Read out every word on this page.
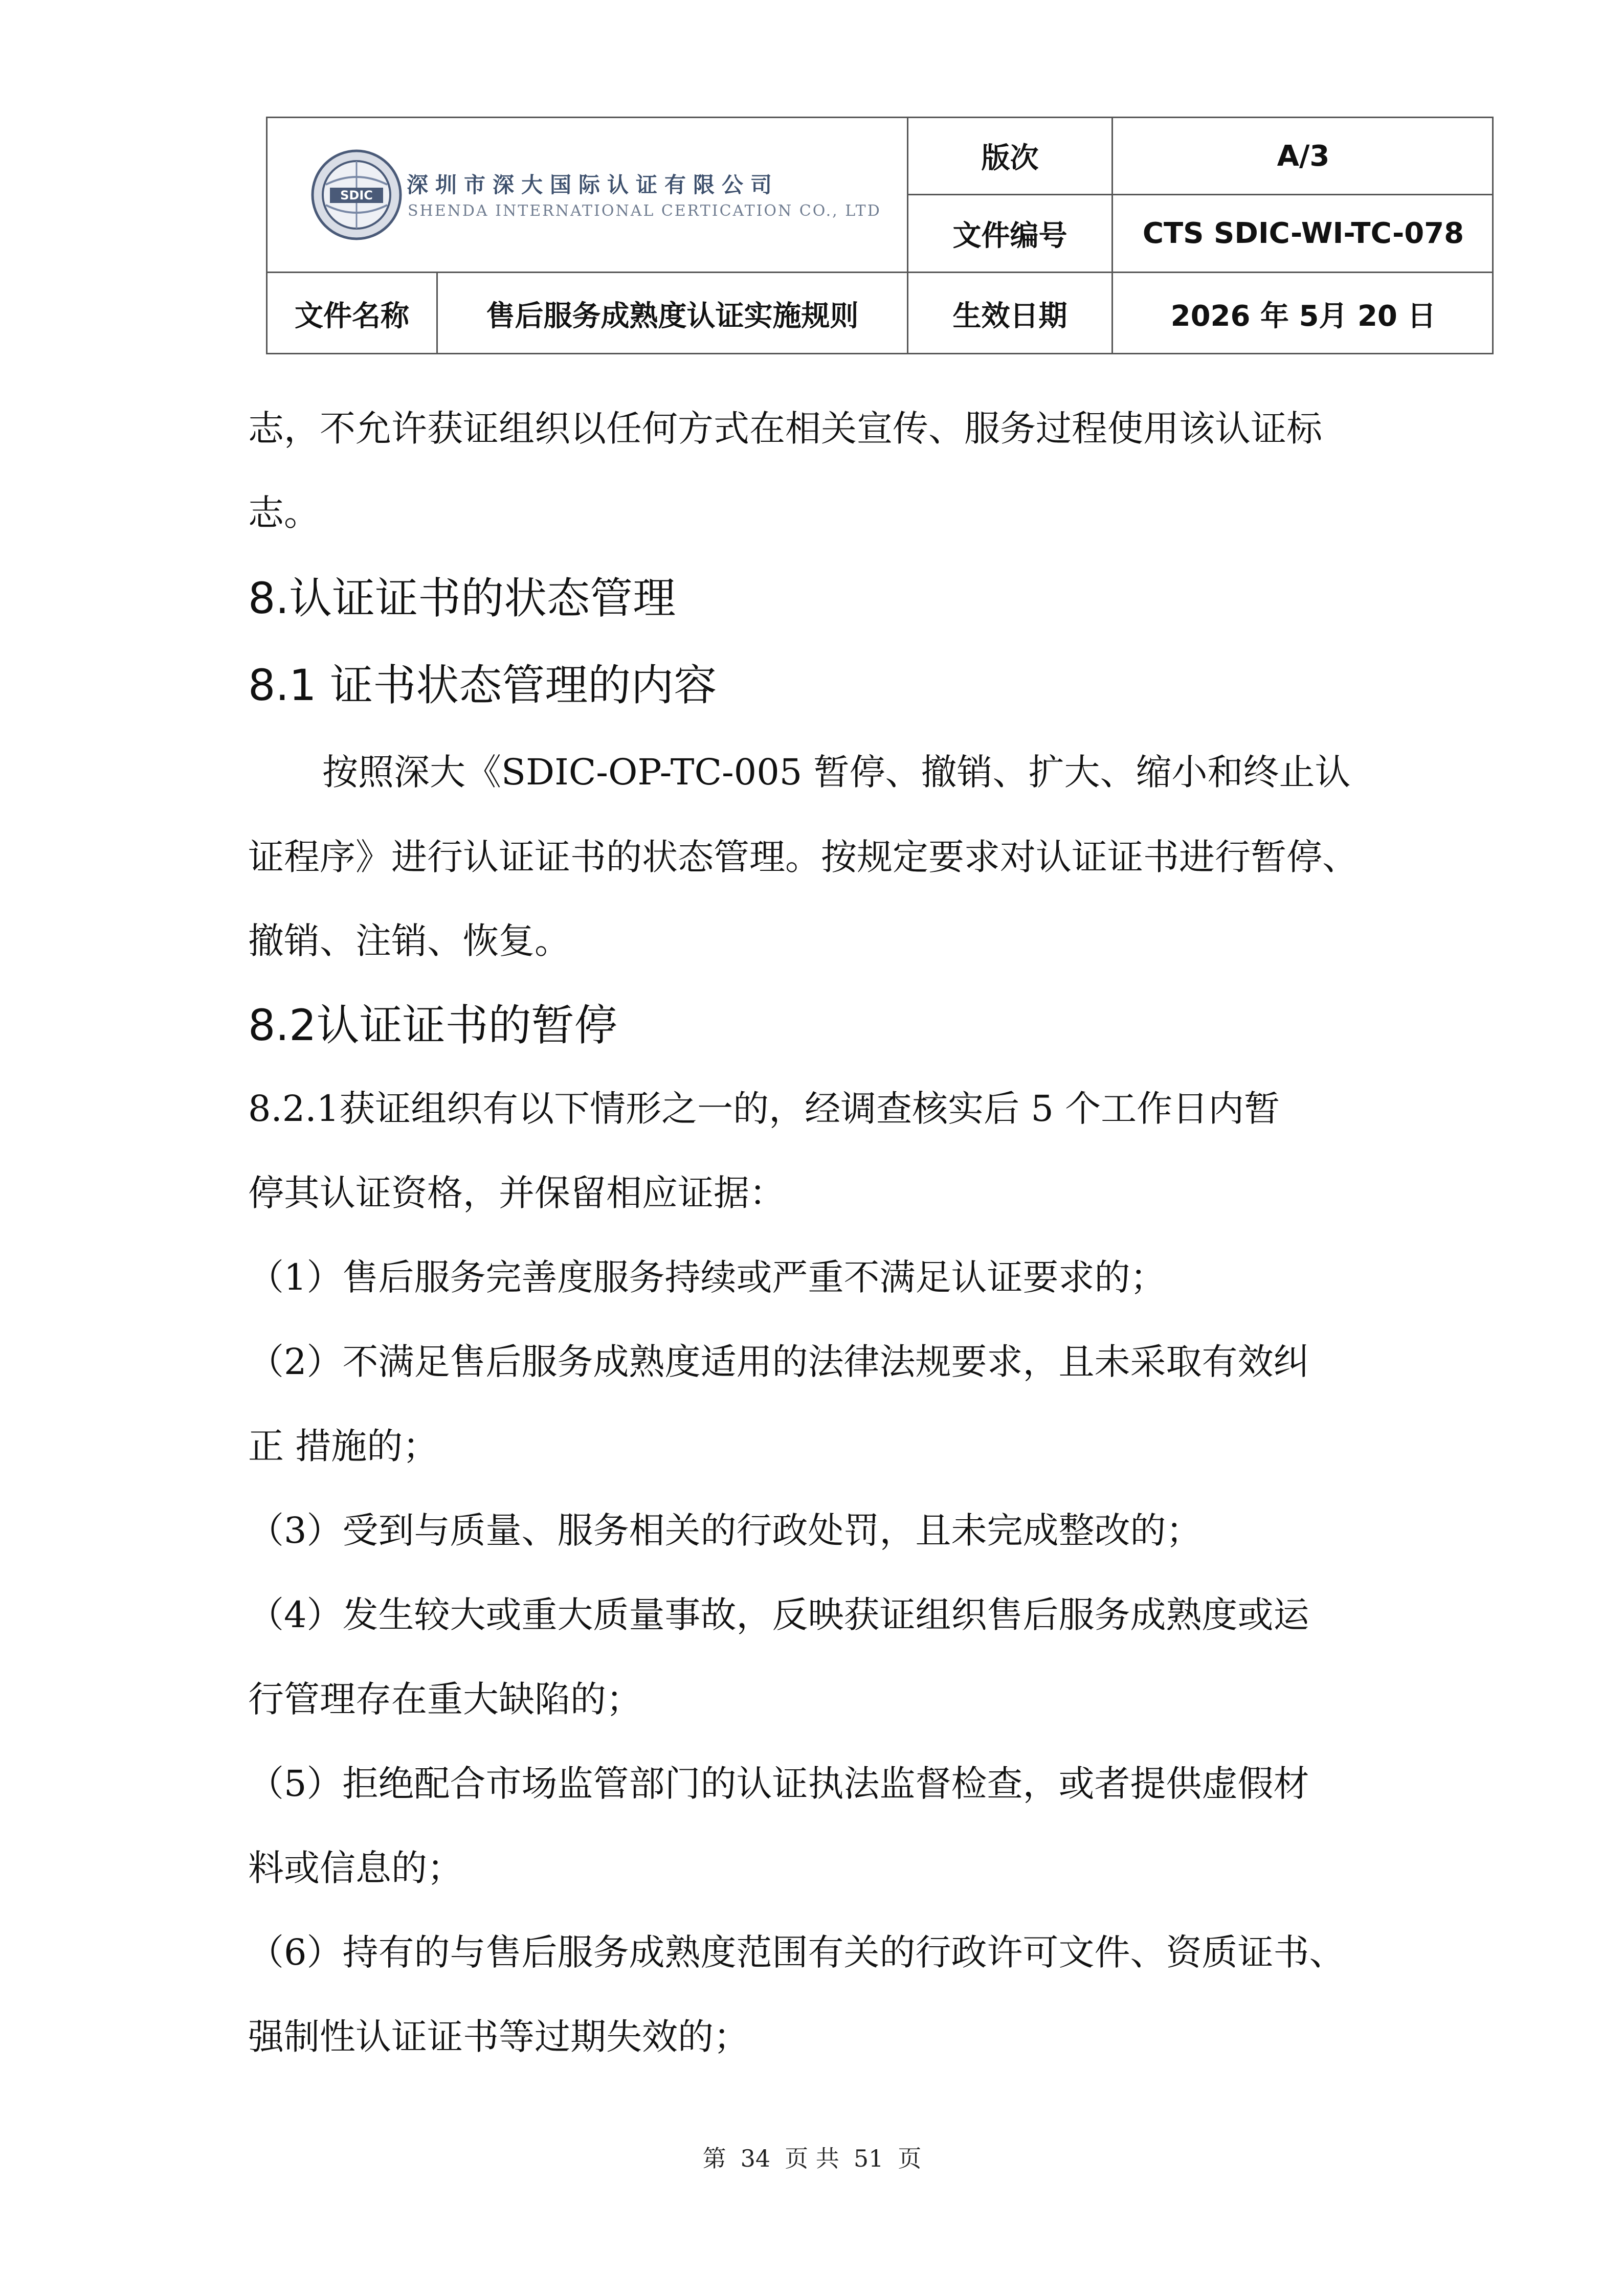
SDIC 深圳市深大国际认证有限公司
SHENDA INTERNATIONAL CERTICATION CO., LTD
版次	A/3
文件编号	CTS SDIC-WI-TC-078
文件名称	售后服务成熟度认证实施规则	生效日期	2026 年 5月 20 日
志，不允许获证组织以任何方式在相关宣传、服务过程使用该认证标
志。
8.认证证书的状态管理
8.1 证书状态管理的内容
按照深大《SDIC-OP-TC-005 暂停、撤销、扩大、缩小和终止认
证程序》进行认证证书的状态管理。按规定要求对认证证书进行暂停、
撤销、注销、恢复。
8.2认证证书的暂停
8.2.1获证组织有以下情形之一的，经调查核实后 5 个工作日内暂
停其认证资格，并保留相应证据：
（1）售后服务完善度服务持续或严重不满足认证要求的；
（2）不满足售后服务成熟度适用的法律法规要求，且未采取有效纠
正 措施的；
（3）受到与质量、服务相关的行政处罚，且未完成整改的；
（4）发生较大或重大质量事故，反映获证组织售后服务成熟度或运
行管理存在重大缺陷的；
（5）拒绝配合市场监管部门的认证执法监督检查，或者提供虚假材
料或信息的；
（6）持有的与售后服务成熟度范围有关的行政许可文件、资质证书、
强制性认证证书等过期失效的；
第 34 页 共 51 页
